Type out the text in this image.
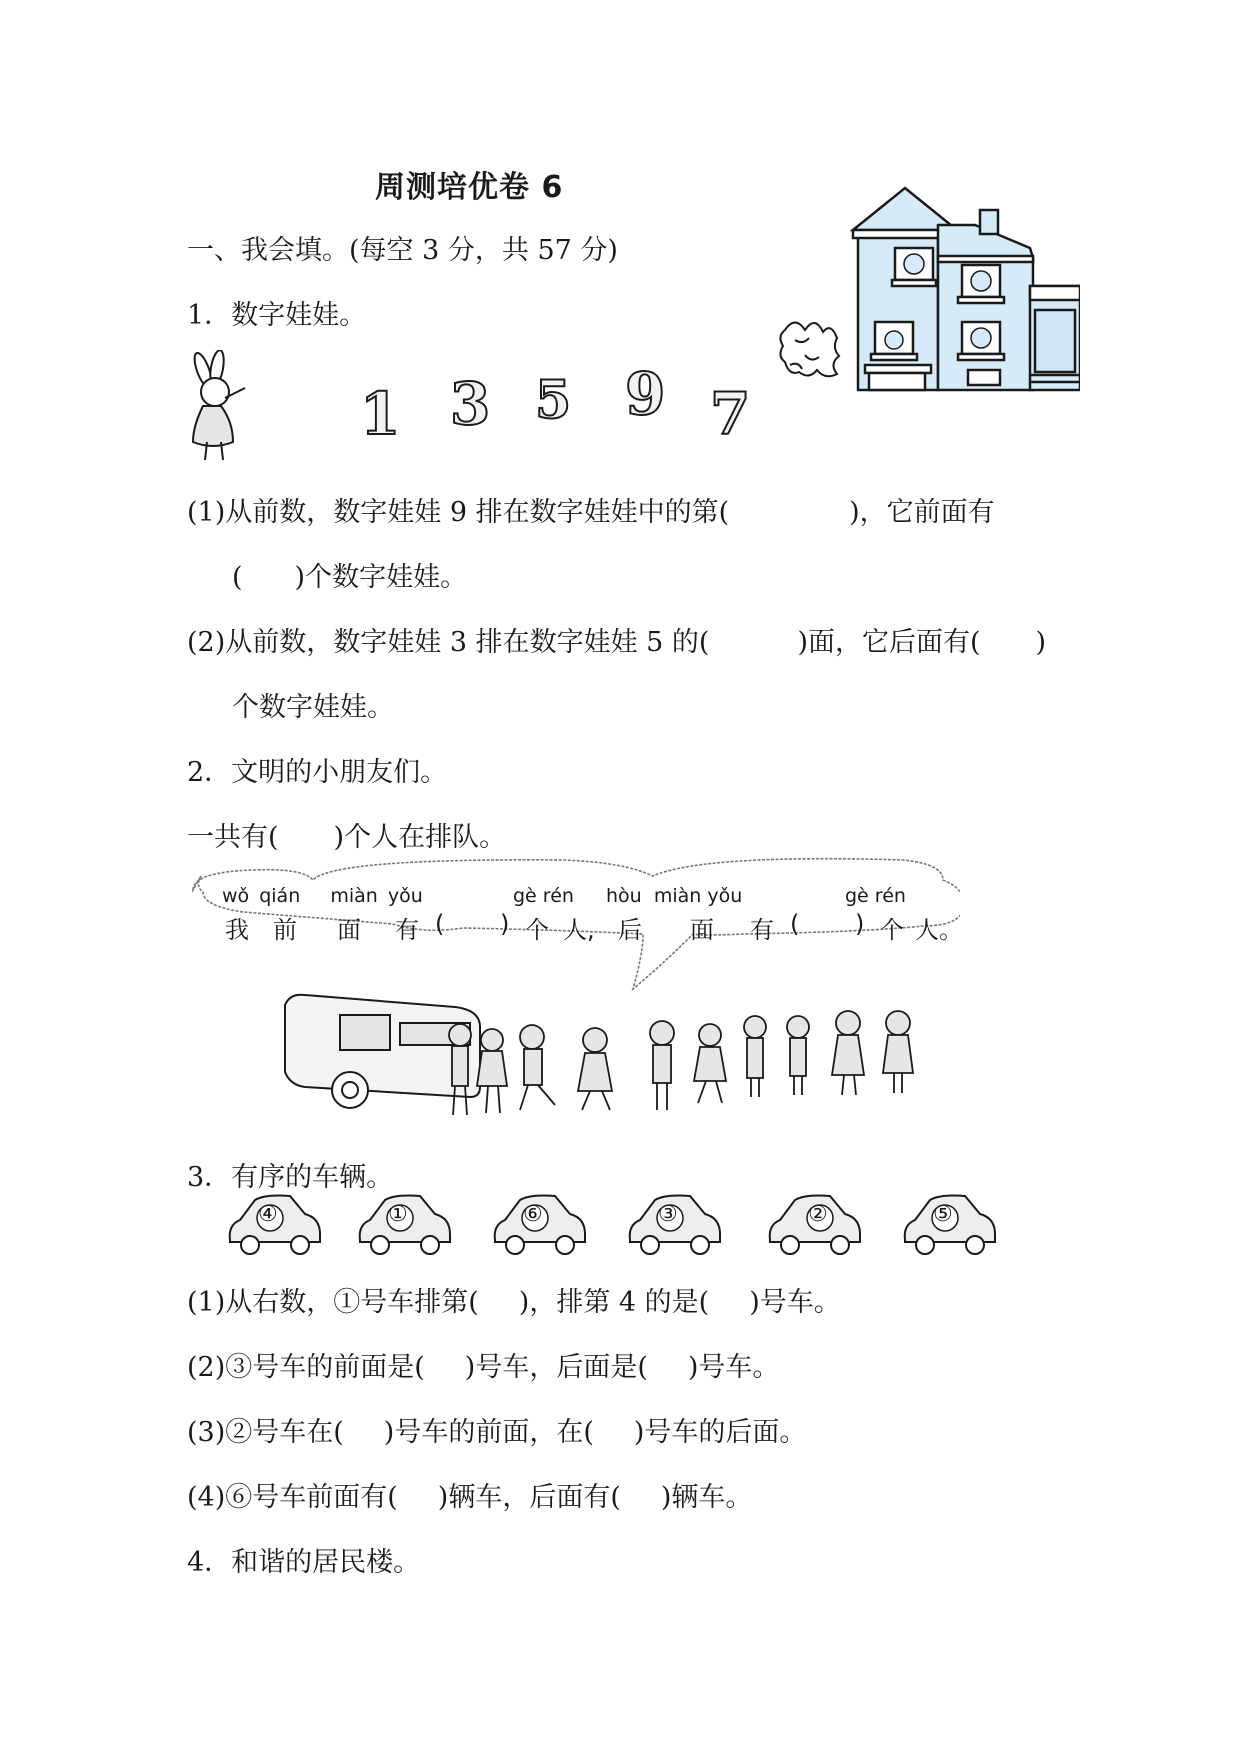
周测培优卷 6
一、我会填。(每空 3 分，共 57 分)
1．数字娃娃。
1 3 5 9 7
(1)从前数，数字娃娃 9 排在数字娃娃中的第(	)，它前面有
( )个数字娃娃。
(2)从前数，数字娃娃 3 排在数字娃娃 5 的(	)面，它后面有( )
个数字娃娃。
2．文明的小朋友们。
一共有( )个人在排队。
wǒ qián miàn yǒu	gè rén hòu miàn yǒu	gè rén
我 前 面 有 ( ) 个 人, 后 面 有 ( ) 个 人。
3．有序的车辆。
④	①	⑥	③	②	⑤
(1)从右数，①号车排第( )，排第 4 的是( )号车。
(2)③号车的前面是( )号车，后面是( )号车。
(3)②号车在( )号车的前面，在( )号车的后面。
(4)⑥号车前面有( )辆车，后面有( )辆车。
4．和谐的居民楼。
